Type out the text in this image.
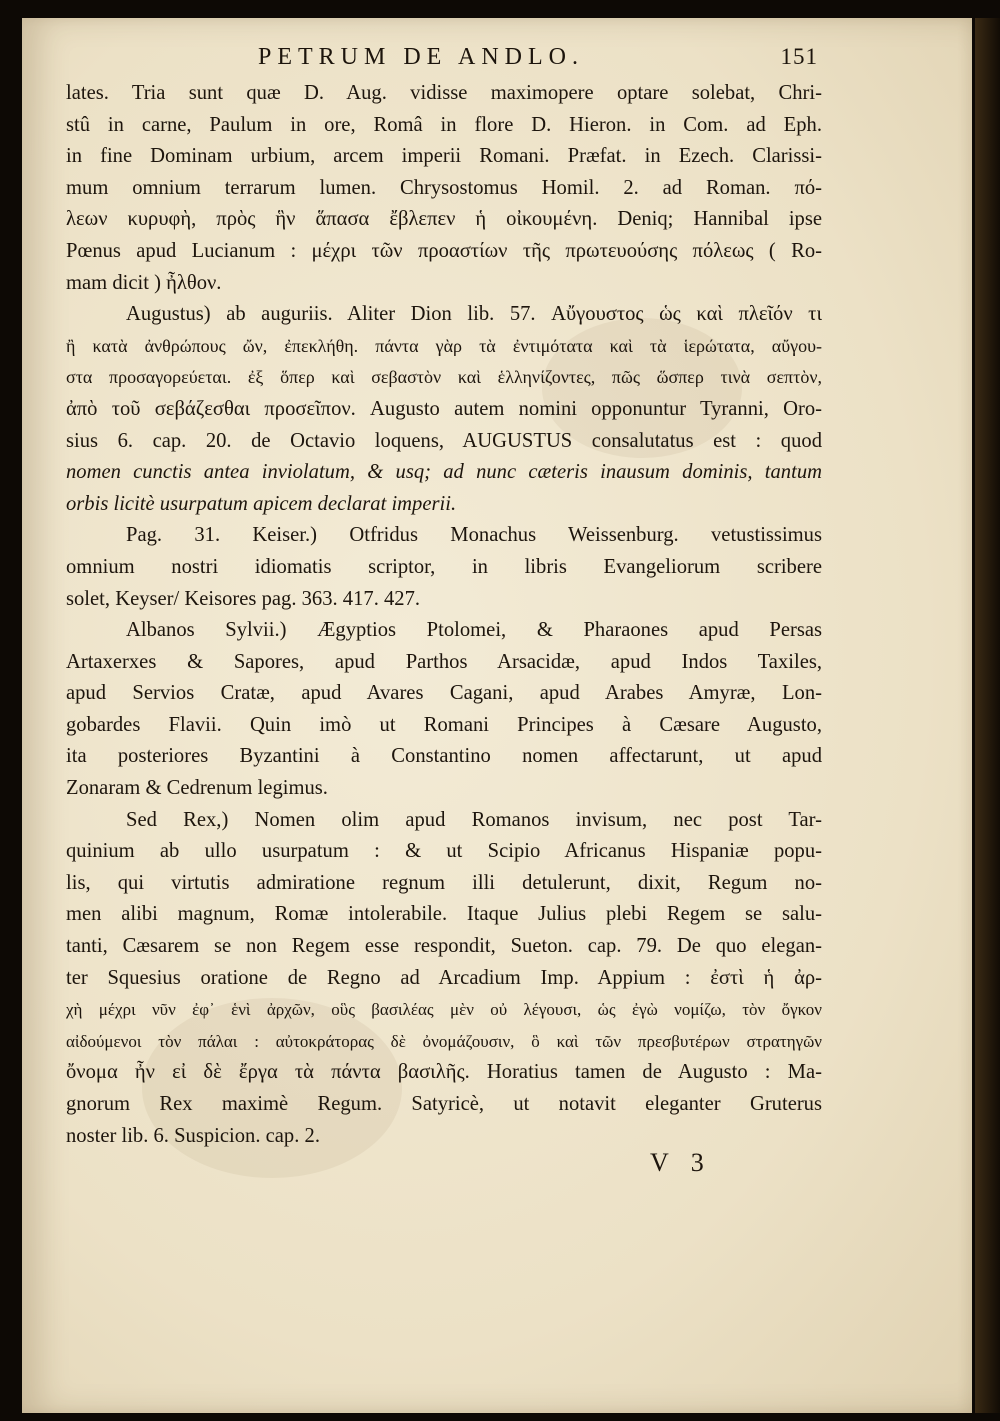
PETRUM DE ANDLO.	151
lates. Tria sunt quæ D. Aug. vidisse maximopere optare solebat, Chri-
stû in carne, Paulum in ore, Româ in flore D. Hieron. in Com. ad Eph.
in fine Dominam urbium, arcem imperii Romani. Præfat. in Ezech. Clarissi-
mum omnium terrarum lumen. Chrysostomus Homil. 2. ad Roman. πό-
λεων κυρυφὴ, πρὸς ἣν ἅπασα ἔβλεπεν ἡ οἰκουμένη. Deniq; Hannibal ipse
Pœnus apud Lucianum : μέχρι τῶν προαστίων τῆς πρωτευούσης πόλεως ( Ro-
mam dicit ) ἦλθον.
Augustus) ab auguriis. Aliter Dion lib. 57. Αὔγουστος ὡς καὶ πλεῖόν τι
ἢ κατὰ ἀνθρώπους ὤν, ἐπεκλήθη. πάντα γὰρ τὰ ἐντιμότατα καὶ τὰ ἱερώτατα, αὔγου-
στα προσαγορεύεται. ἐξ ὅπερ καὶ σεβαστὸν καὶ ἑλληνίζοντες, πῶς ὥσπερ τινὰ σεπτὸν,
ἀπὸ τοῦ σεβάζεσθαι προσεῖπον. Augusto autem nomini opponuntur Tyranni, Oro-
sius 6. cap. 20. de Octavio loquens, AUGUSTUS consalutatus est : quod
nomen cunctis antea inviolatum, & usq; ad nunc cæteris inausum dominis, tantum
orbis licitè usurpatum apicem declarat imperii.
Pag. 31. Keiser.) Otfridus Monachus Weissenburg. vetustissimus
omnium nostri idiomatis scriptor, in libris Evangeliorum scribere
solet, Keyser/ Keisores pag. 363. 417. 427.
Albanos Sylvii.) Ægyptios Ptolomei, & Pharaones apud Persas
Artaxerxes & Sapores, apud Parthos Arsacidæ, apud Indos Taxiles,
apud Servios Cratæ, apud Avares Cagani, apud Arabes Amyræ, Lon-
gobardes Flavii. Quin imò ut Romani Principes à Cæsare Augusto,
ita posteriores Byzantini à Constantino nomen affectarunt, ut apud
Zonaram & Cedrenum legimus.
Sed Rex,) Nomen olim apud Romanos invisum, nec post Tar-
quinium ab ullo usurpatum : & ut Scipio Africanus Hispaniæ popu-
lis, qui virtutis admiratione regnum illi detulerunt, dixit, Regum no-
men alibi magnum, Romæ intolerabile. Itaque Julius plebi Regem se salu-
tanti, Cæsarem se non Regem esse respondit, Sueton. cap. 79. De quo elegan-
ter Squesius oratione de Regno ad Arcadium Imp. Appium : ἐστὶ ἡ ἀρ-
χὴ μέχρι νῦν ἐφ᾽ ἑνὶ ἀρχῶν, οὓς βασιλέας μὲν οὐ λέγουσι, ὡς ἐγὼ νομίζω, τὸν ὄγκον
αἰδούμενοι τὸν πάλαι : αὐτοκράτορας δὲ ὀνομάζουσιν, ὃ καὶ τῶν πρεσβυτέρων στρατηγῶν
ὄνομα ἦν εἰ δὲ ἔργα τὰ πάντα βασιλῆς. Horatius tamen de Augusto : Ma-
gnorum Rex maximè Regum. Satyricè, ut notavit eleganter Gruterus
noster lib. 6. Suspicion. cap. 2.
V 3
